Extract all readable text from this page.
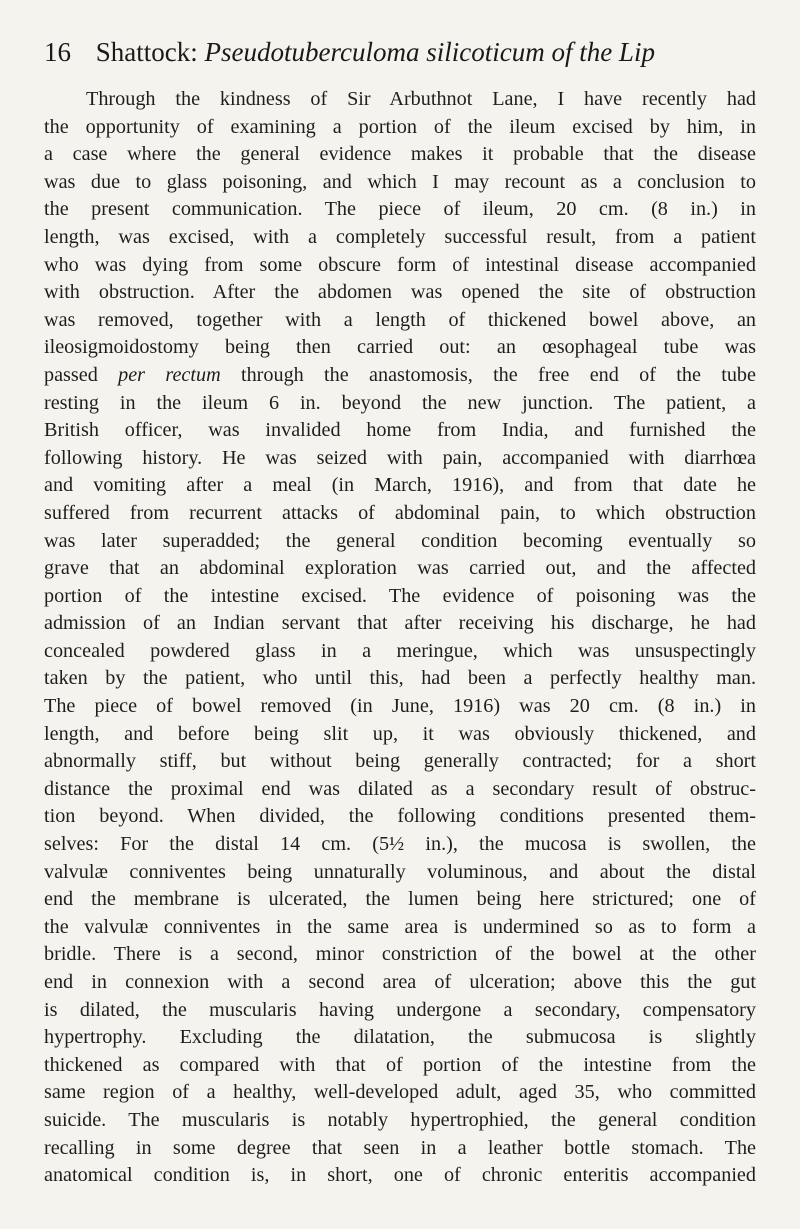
16 Shattock: Pseudotuberculoma silicoticum of the Lip
Through the kindness of Sir Arbuthnot Lane, I have recently had
the opportunity of examining a portion of the ileum excised by him, in
a case where the general evidence makes it probable that the disease
was due to glass poisoning, and which I may recount as a conclusion to
the present communication. The piece of ileum, 20 cm. (8 in.) in
length, was excised, with a completely successful result, from a patient
who was dying from some obscure form of intestinal disease accompanied
with obstruction. After the abdomen was opened the site of obstruction
was removed, together with a length of thickened bowel above, an
ileosigmoidostomy being then carried out: an œsophageal tube was
passed per rectum through the anastomosis, the free end of the tube
resting in the ileum 6 in. beyond the new junction. The patient, a
British officer, was invalided home from India, and furnished the
following history. He was seized with pain, accompanied with diarrhœa
and vomiting after a meal (in March, 1916), and from that date he
suffered from recurrent attacks of abdominal pain, to which obstruction
was later superadded; the general condition becoming eventually so
grave that an abdominal exploration was carried out, and the affected
portion of the intestine excised. The evidence of poisoning was the
admission of an Indian servant that after receiving his discharge, he had
concealed powdered glass in a meringue, which was unsuspectingly
taken by the patient, who until this, had been a perfectly healthy man.
The piece of bowel removed (in June, 1916) was 20 cm. (8 in.) in
length, and before being slit up, it was obviously thickened, and
abnormally stiff, but without being generally contracted; for a short
distance the proximal end was dilated as a secondary result of obstruc-
tion beyond. When divided, the following conditions presented them-
selves: For the distal 14 cm. (5½ in.), the mucosa is swollen, the
valvulæ conniventes being unnaturally voluminous, and about the distal
end the membrane is ulcerated, the lumen being here strictured; one of
the valvulæ conniventes in the same area is undermined so as to form a
bridle. There is a second, minor constriction of the bowel at the other
end in connexion with a second area of ulceration; above this the gut
is dilated, the muscularis having undergone a secondary, compensatory
hypertrophy. Excluding the dilatation, the submucosa is slightly
thickened as compared with that of portion of the intestine from the
same region of a healthy, well-developed adult, aged 35, who committed
suicide. The muscularis is notably hypertrophied, the general condition
recalling in some degree that seen in a leather bottle stomach. The
anatomical condition is, in short, one of chronic enteritis accompanied
